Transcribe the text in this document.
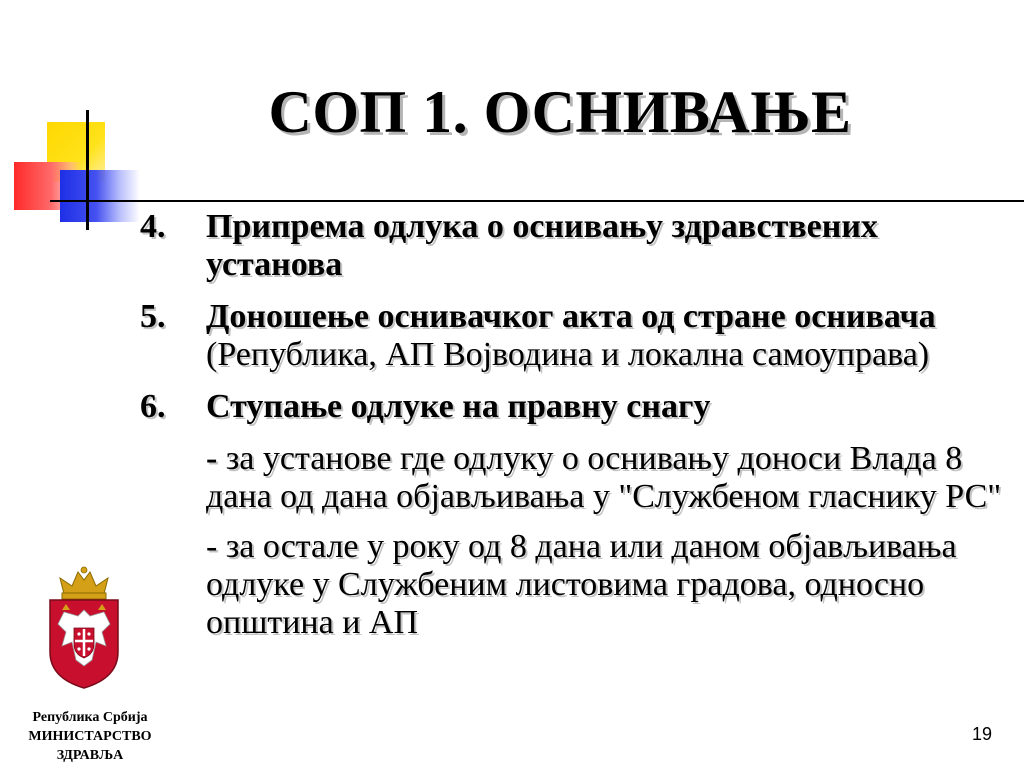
СОП 1. ОСНИВАЊЕ
4.	Припрема одлука о оснивању здравствених установа
5.	Доношење оснивачког акта од стране оснивача (Република, АП Војводина и локална самоуправа)
6.	Ступање одлуке на правну снагу
- за установе где одлуку о оснивању доноси Влада 8 дана од дана објављивања у "Службеном гласнику РС"
- за остале у року од 8 дана или даном објављивања одлуке у Службеним листовима градова, односно општина и АП
Република Србија
МИНИСТАРСТВО
ЗДРАВЉА
19
